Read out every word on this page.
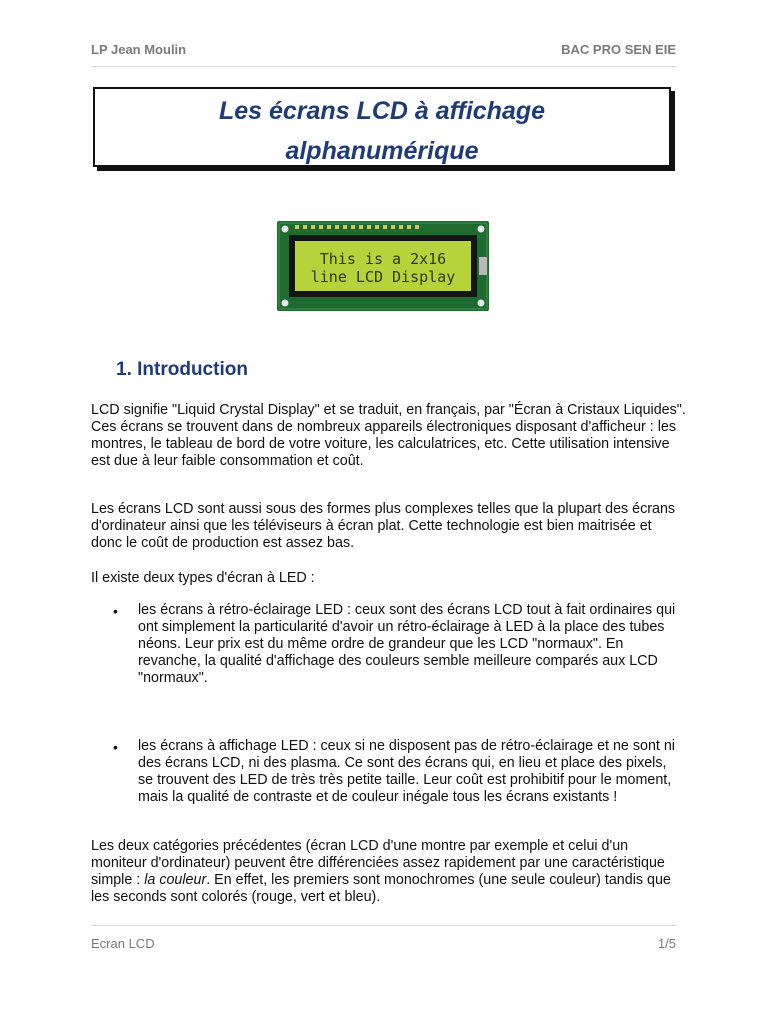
LP Jean Moulin	BAC PRO SEN EIE
Les écrans LCD à affichage
alphanumérique
This is a 2x16
line LCD Display
1. Introduction

LCD signifie "Liquid Crystal Display" et se traduit, en français, par "Écran à Cristaux Liquides". Ces écrans se trouvent dans de nombreux appareils électroniques disposant d'afficheur : les montres, le tableau de bord de votre voiture, les calculatrices, etc. Cette utilisation intensive est due à leur faible consommation et coût.

Les écrans LCD sont aussi sous des formes plus complexes telles que la plupart des écrans d'ordinateur ainsi que les téléviseurs à écran plat. Cette technologie est bien maitrisée et donc le coût de production est assez bas.

Il existe deux types d'écran à LED :

• les écrans à rétro-éclairage LED : ceux sont des écrans LCD tout à fait ordinaires qui ont simplement la particularité d'avoir un rétro-éclairage à LED à la place des tubes néons. Leur prix est du même ordre de grandeur que les LCD "normaux". En revanche, la qualité d'affichage des couleurs semble meilleure comparés aux LCD "normaux".

• les écrans à affichage LED : ceux si ne disposent pas de rétro-éclairage et ne sont ni des écrans LCD, ni des plasma. Ce sont des écrans qui, en lieu et place des pixels, se trouvent des LED de très très petite taille. Leur coût est prohibitif pour le moment, mais la qualité de contraste et de couleur inégale tous les écrans existants !

Les deux catégories précédentes (écran LCD d'une montre par exemple et celui d'un moniteur d'ordinateur) peuvent être différenciées assez rapidement par une caractéristique simple : la couleur. En effet, les premiers sont monochromes (une seule couleur) tandis que les seconds sont colorés (rouge, vert et bleu).

Ecran LCD	1/5
